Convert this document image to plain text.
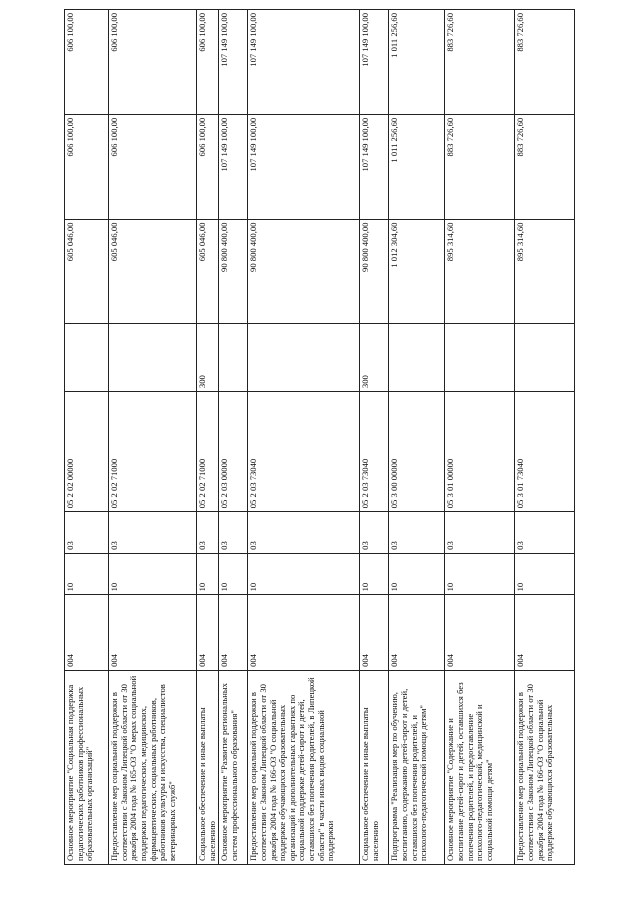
Основное мероприятие "Социальная поддержка педагогических работников профессиональных образовательных организаций"	004	10	03	05 2 02 00000		605 046,00	606 100,00	606 100,00
Предоставление мер социальной поддержки в соответствии с Законом Липецкой области от 30 декабря 2004 года № 165-ОЗ "О мерах социальной поддержки педагогических, медицинских, фармацевтических, социальных работников, работников культуры и искусства, специалистов ветеринарных служб"	004	10	03	05 2 02 71000		605 046,00	606 100,00	606 100,00
Социальное обеспечение и иные выплаты населению	004	10	03	05 2 02 71000	300	605 046,00	606 100,00	606 100,00
Основное мероприятие "Развитие региональных систем профессионального образования"	004	10	03	05 2 03 00000		90 800 400,00	107 149 100,00	107 149 100,00
Предоставление мер социальной поддержки в соответствии с Законом Липецкой области от 30 декабря 2004 года № 166-ОЗ "О социальной поддержке обучающихся образовательных организаций и дополнительных гарантиях по социальной поддержке детей-сирот и детей, оставшихся без попечения родителей, в Липецкой области" в части иных видов социальной поддержки	004	10	03	05 2 03 73040		90 800 400,00	107 149 100,00	107 149 100,00
Социальное обеспечение и иные выплаты населению	004	10	03	05 2 03 73040	300	90 800 400,00	107 149 100,00	107 149 100,00
Подпрограмма "Реализация мер по обучению, воспитанию, содержанию детей-сирот и детей, оставшихся без попечения родителей, и психолого-педагогической помощи детям"	004	10	03	05 3 00 00000		1 012 304,60	1 011 256,60	1 011 256,60
Основное мероприятие "Содержание и воспитание детей-сирот и детей, оставшихся без попечения родителей, и предоставление психолого-педагогической, медицинской и социальной помощи детям"	004	10	03	05 3 01 00000		895 314,60	883 726,60	883 726,60
Предоставление мер социальной поддержки в соответствии с Законом Липецкой области от 30 декабря 2004 года № 166-ОЗ "О социальной поддержке обучающихся образовательных	004	10	03	05 3 01 73040		895 314,60	883 726,60	883 726,60
